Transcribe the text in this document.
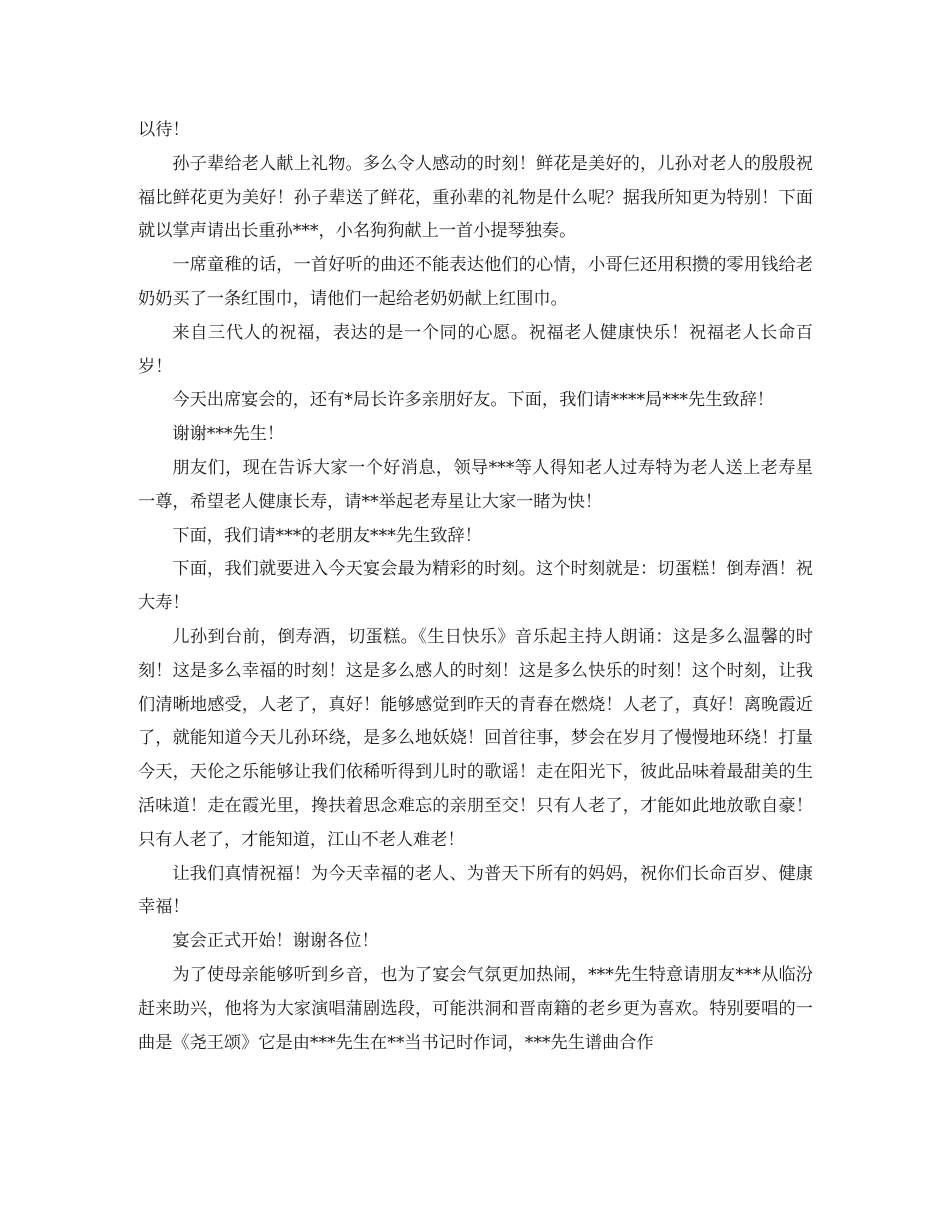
以待！

孙子辈给老人献上礼物。多么令人感动的时刻！鲜花是美好的，儿孙对老人的殷殷祝福比鲜花更为美好！孙子辈送了鲜花，重孙辈的礼物是什么呢？据我所知更为特别！下面就以掌声请出长重孙***，小名狗狗献上一首小提琴独奏。

一席童稚的话，一首好听的曲还不能表达他们的心情，小哥仨还用积攒的零用钱给老奶奶买了一条红围巾，请他们一起给老奶奶献上红围巾。

来自三代人的祝福，表达的是一个同的心愿。祝福老人健康快乐！祝福老人长命百岁！

今天出席宴会的，还有*局长许多亲朋好友。下面，我们请****局***先生致辞！

谢谢***先生！

朋友们，现在告诉大家一个好消息，领导***等人得知老人过寿特为老人送上老寿星一尊，希望老人健康长寿，请**举起老寿星让大家一睹为快！

下面，我们请***的老朋友***先生致辞！

下面，我们就要进入今天宴会最为精彩的时刻。这个时刻就是：切蛋糕！倒寿酒！祝大寿！

儿孙到台前，倒寿酒，切蛋糕。《生日快乐》音乐起主持人朗诵：这是多么温馨的时刻！这是多么幸福的时刻！这是多么感人的时刻！这是多么快乐的时刻！这个时刻，让我们清晰地感受，人老了，真好！能够感觉到昨天的青春在燃烧！人老了，真好！离晚霞近了，就能知道今天儿孙环绕，是多么地妖娆！回首往事，梦会在岁月了慢慢地环绕！打量今天，天伦之乐能够让我们依稀听得到儿时的歌谣！走在阳光下，彼此品味着最甜美的生活味道！走在霞光里，搀扶着思念难忘的亲朋至交！只有人老了，才能如此地放歌自豪！只有人老了，才能知道，江山不老人难老！

让我们真情祝福！为今天幸福的老人、为普天下所有的妈妈，祝你们长命百岁、健康幸福！

宴会正式开始！谢谢各位！

为了使母亲能够听到乡音，也为了宴会气氛更加热闹，***先生特意请朋友***从临汾赶来助兴，他将为大家演唱蒲剧选段，可能洪洞和晋南籍的老乡更为喜欢。特别要唱的一曲是《尧王颂》它是由***先生在**当书记时作词，***先生谱曲合作
